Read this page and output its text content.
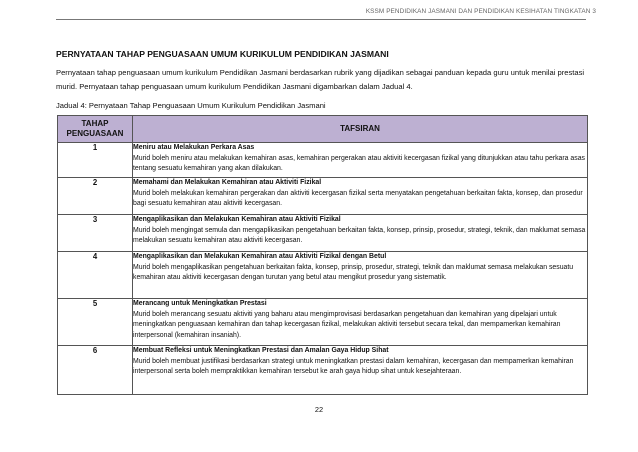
KSSM PENDIDIKAN JASMANI DAN PENDIDIKAN KESIHATAN TINGKATAN 3
PERNYATAAN TAHAP PENGUASAAN UMUM KURIKULUM PENDIDIKAN JASMANI
Pernyataan tahap penguasaan umum kurikulum Pendidikan Jasmani berdasarkan rubrik yang dijadikan sebagai panduan kepada guru untuk menilai prestasi murid. Pernyataan tahap penguasaan umum kurikulum Pendidikan Jasmani digambarkan dalam Jadual 4.
Jadual 4: Pernyataan Tahap Penguasaan Umum Kurikulum Pendidikan Jasmani
TAHAP PENGUASAAN	TAFSIRAN
1	Meniru atau Melakukan Perkara Asas
Murid boleh meniru atau melakukan kemahiran asas, kemahiran pergerakan atau aktiviti kecergasan fizikal yang ditunjukkan atau tahu perkara asas tentang sesuatu kemahiran yang akan dilakukan.

2	Memahami dan Melakukan Kemahiran atau Aktiviti Fizikal
Murid boleh melakukan kemahiran pergerakan dan aktiviti kecergasan fizikal serta menyatakan pengetahuan berkaitan fakta, konsep, dan prosedur bagi sesuatu kemahiran atau aktiviti kecergasan.

3	Mengaplikasikan dan Melakukan Kemahiran atau Aktiviti Fizikal
Murid boleh mengingat semula dan mengaplikasikan pengetahuan berkaitan fakta, konsep, prinsip, prosedur, strategi, teknik, dan maklumat semasa melakukan sesuatu kemahiran atau aktiviti kecergasan.

4	Mengaplikasikan dan Melakukan Kemahiran atau Aktiviti Fizikal dengan Betul
Murid boleh mengaplikasikan pengetahuan berkaitan fakta, konsep, prinsip, prosedur, strategi, teknik dan maklumat semasa melakukan sesuatu kemahiran atau aktiviti kecergasan dengan turutan yang betul atau mengikut prosedur yang sistematik.

5	Merancang untuk Meningkatkan Prestasi
Murid boleh merancang sesuatu aktiviti yang baharu atau mengimprovisasi berdasarkan pengetahuan dan kemahiran yang dipelajari untuk meningkatkan penguasaan kemahiran dan tahap kecergasan fizikal, melakukan aktiviti tersebut secara tekal, dan mempamerkan kemahiran interpersonal (kemahiran insaniah).

6	Membuat Refleksi untuk Meningkatkan Prestasi dan Amalan Gaya Hidup Sihat
Murid boleh membuat justifikasi berdasarkan strategi untuk meningkatkan prestasi dalam kemahiran, kecergasan dan mempamerkan kemahiran interpersonal serta boleh mempraktikkan kemahiran tersebut ke arah gaya hidup sihat untuk kesejahteraan.
22
